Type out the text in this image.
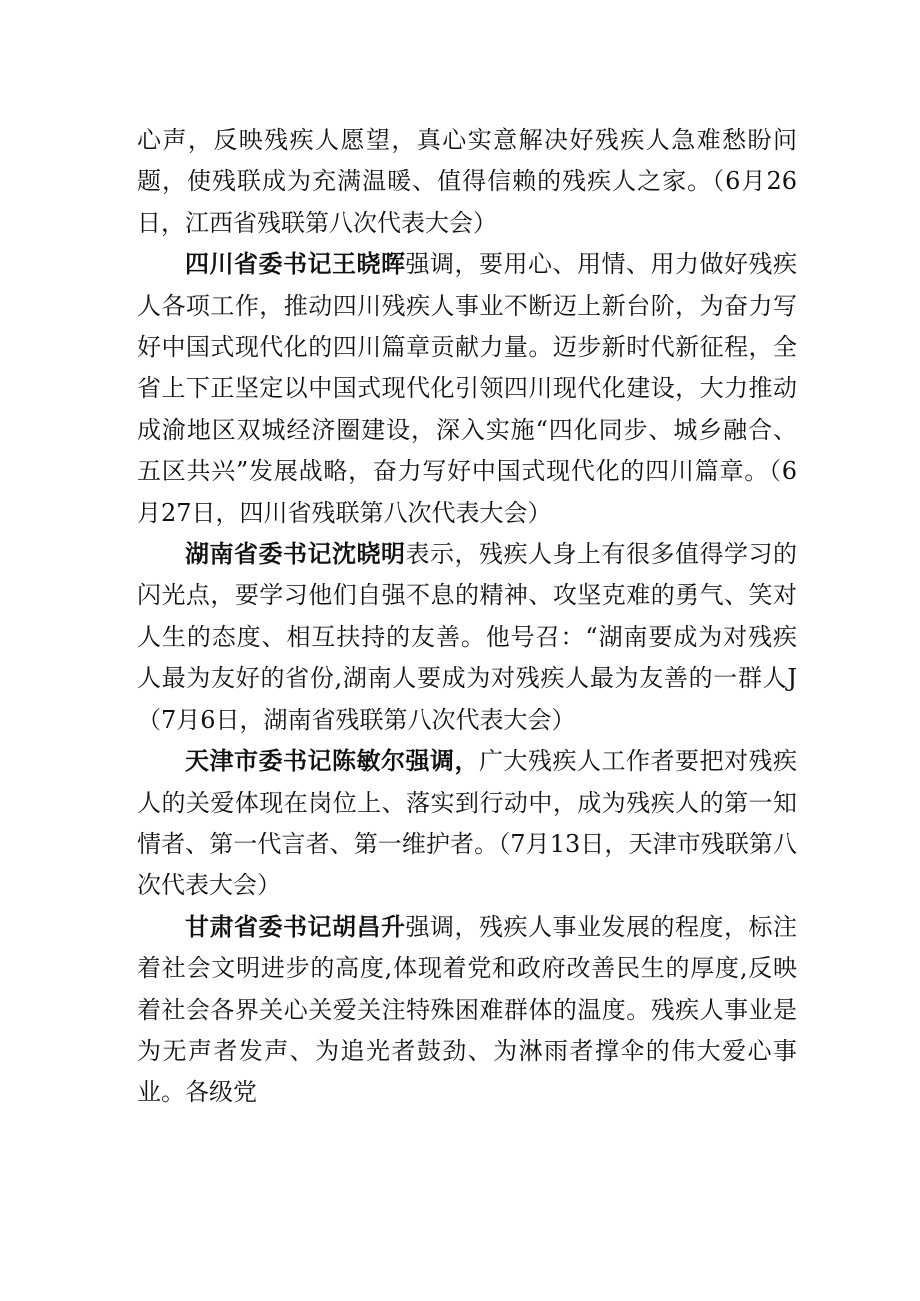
心声，反映残疾人愿望，真心实意解决好残疾人急难愁盼问题，使残联成为充满温暖、值得信赖的残疾人之家。（6月26日，江西省残联第八次代表大会）

四川省委书记王晓晖强调，要用心、用情、用力做好残疾人各项工作，推动四川残疾人事业不断迈上新台阶，为奋力写好中国式现代化的四川篇章贡献力量。迈步新时代新征程，全省上下正坚定以中国式现代化引领四川现代化建设，大力推动成渝地区双城经济圈建设，深入实施“四化同步、城乡融合、五区共兴”发展战略，奋力写好中国式现代化的四川篇章。（6月27日，四川省残联第八次代表大会）

湖南省委书记沈晓明表示，残疾人身上有很多值得学习的闪光点，要学习他们自强不息的精神、攻坚克难的勇气、笑对人生的态度、相互扶持的友善。他号召：“湖南要成为对残疾人最为友好的省份,湖南人要成为对残疾人最为友善的一群人J（7月6日，湖南省残联第八次代表大会）

天津市委书记陈敏尔强调，广大残疾人工作者要把对残疾人的关爱体现在岗位上、落实到行动中，成为残疾人的第一知情者、第一代言者、第一维护者。（7月13日，天津市残联第八次代表大会）

甘肃省委书记胡昌升强调，残疾人事业发展的程度，标注着社会文明进步的高度,体现着党和政府改善民生的厚度,反映着社会各界关心关爱关注特殊困难群体的温度。残疾人事业是为无声者发声、为追光者鼓劲、为淋雨者撑伞的伟大爱心事业。各级党
